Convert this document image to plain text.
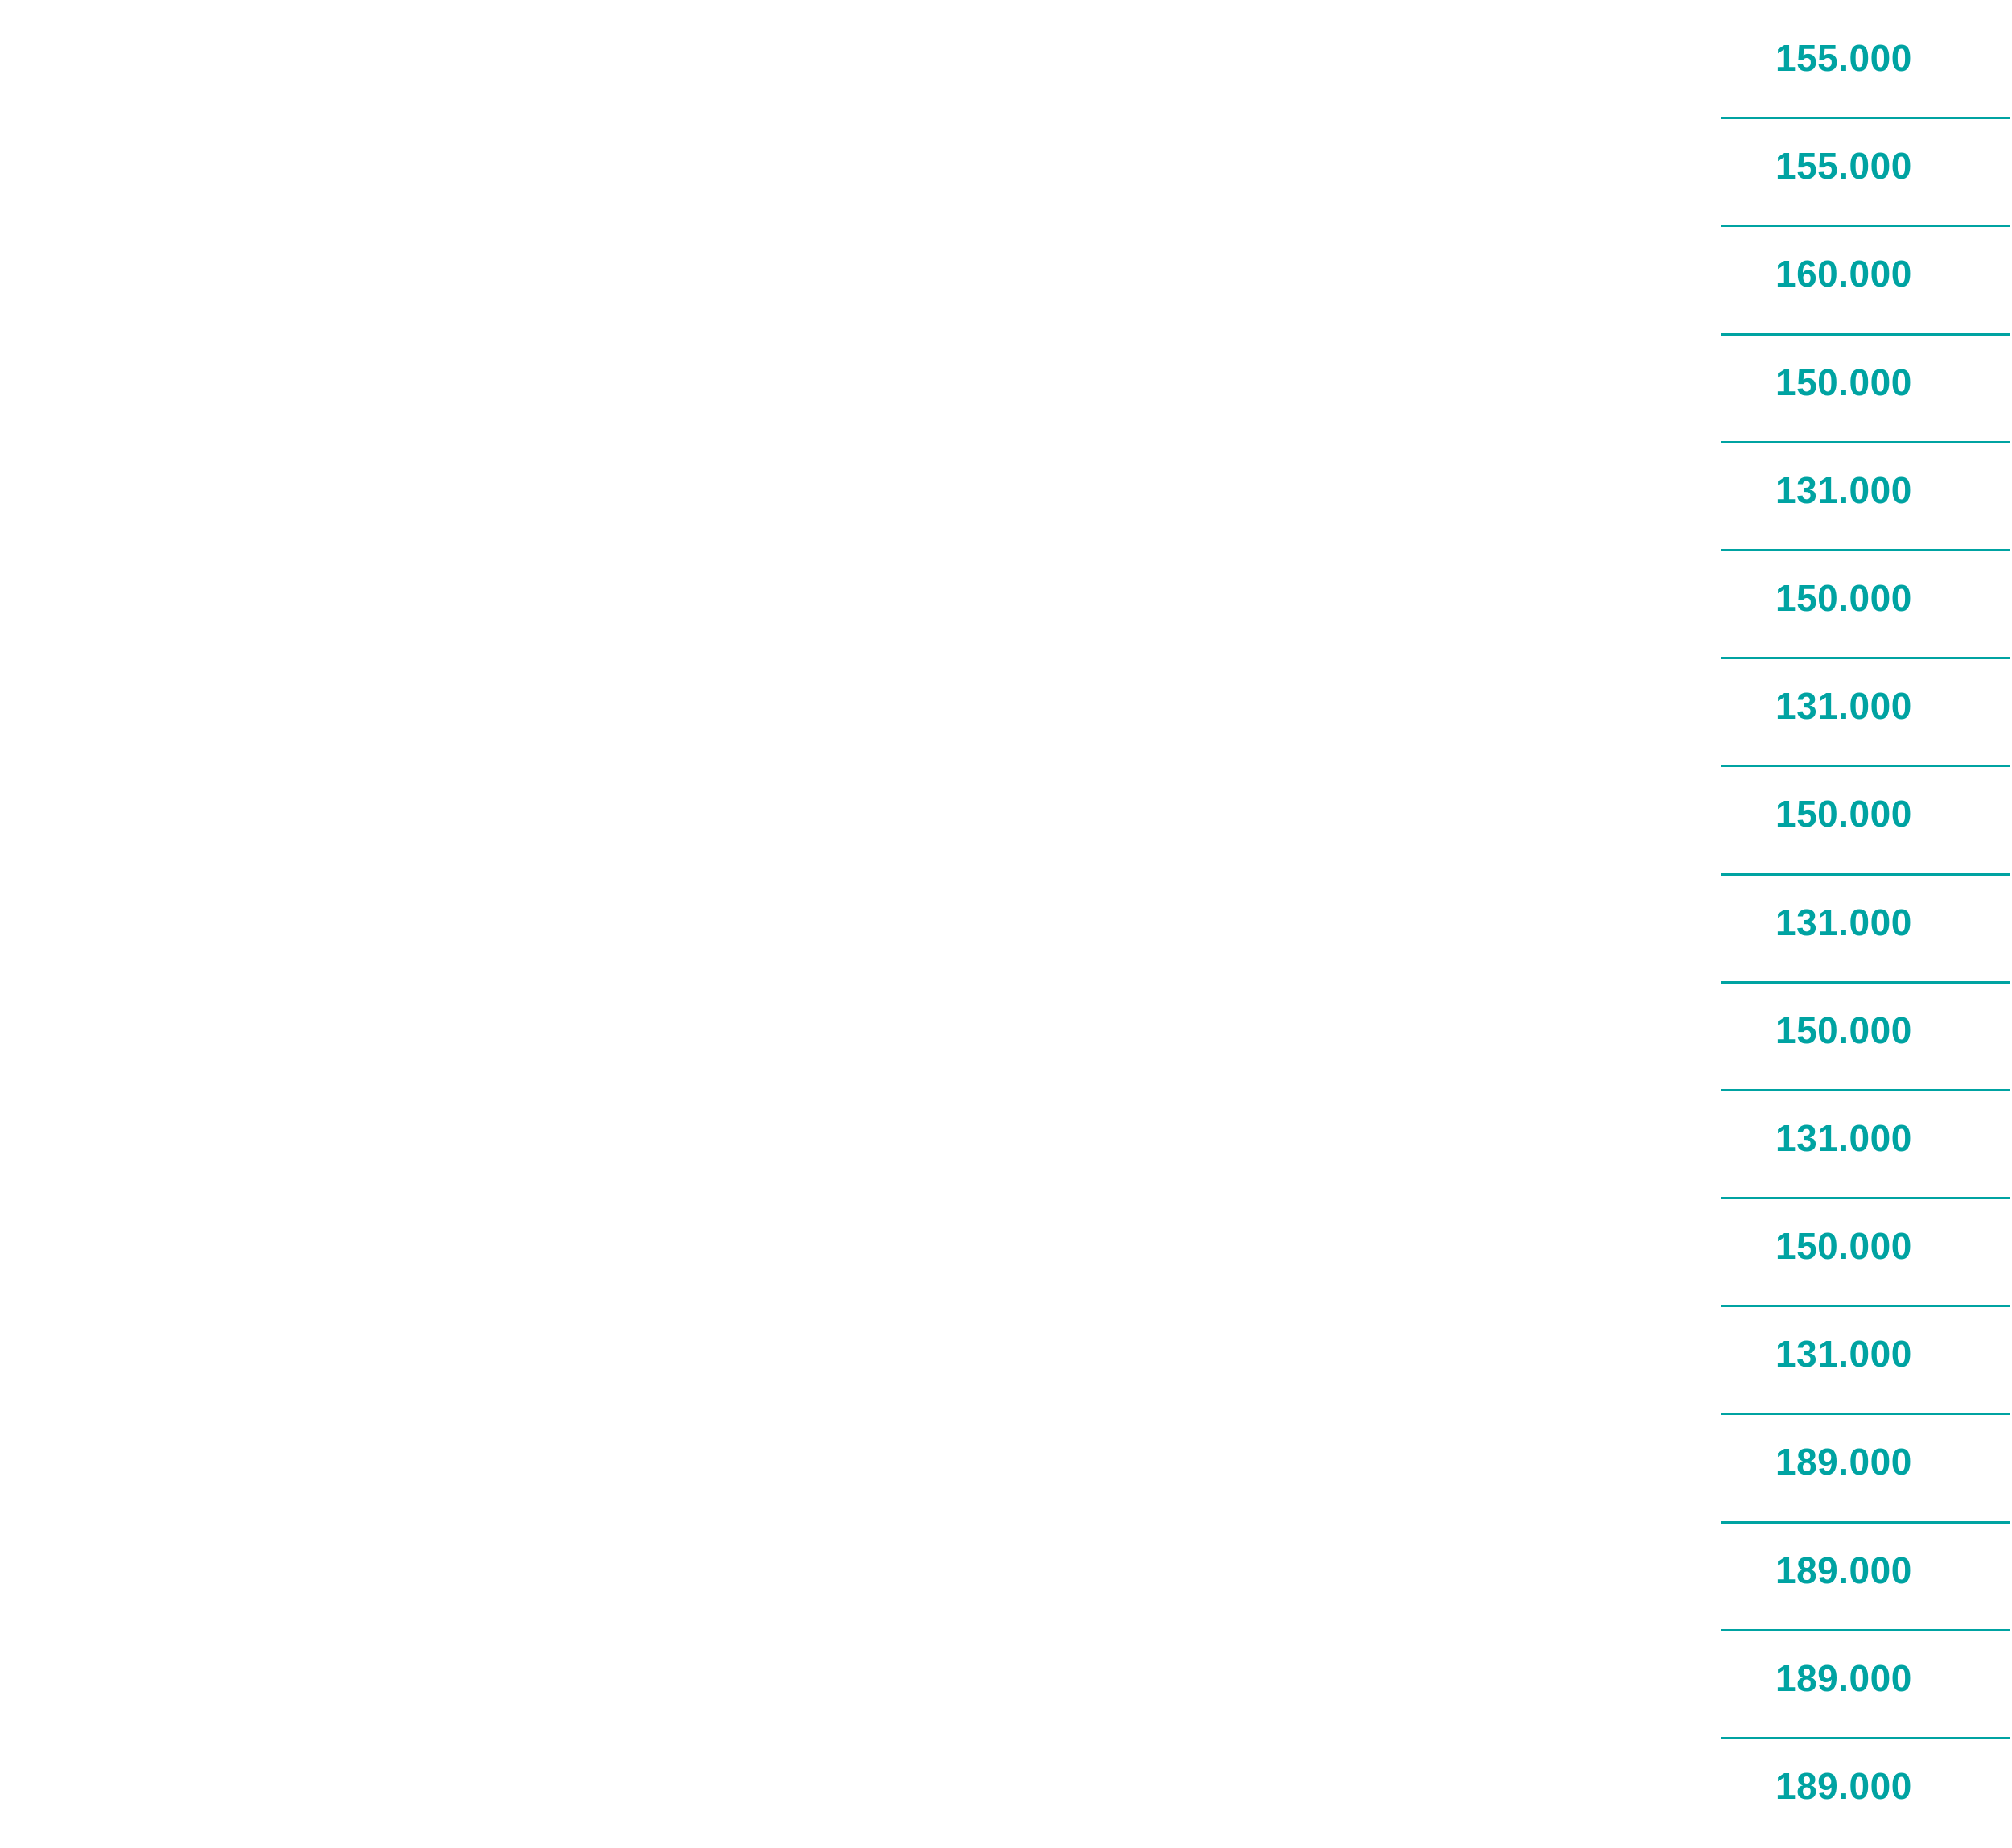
155.000
155.000
160.000
150.000
131.000
150.000
131.000
150.000
131.000
150.000
131.000
150.000
131.000
189.000
189.000
189.000
189.000
